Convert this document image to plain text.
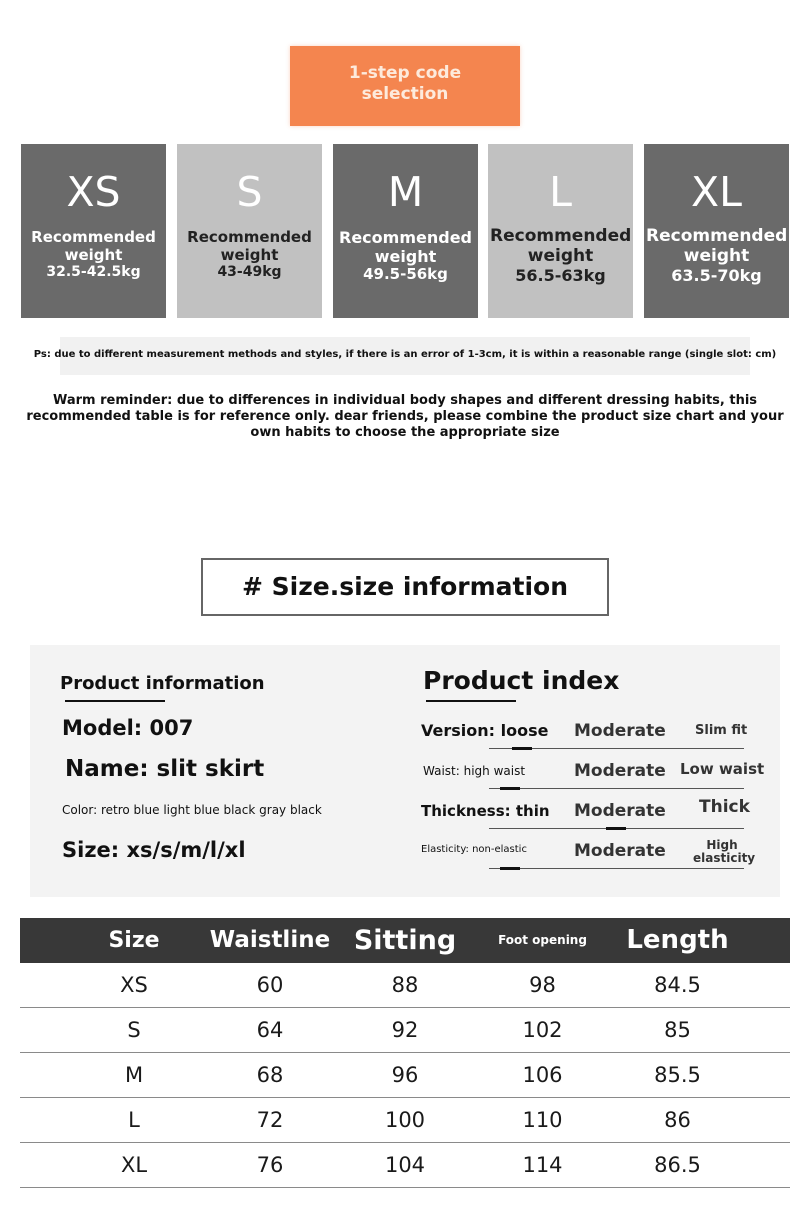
1-step code
selection
XS
Recommended
weight
32.5-42.5kg
S
Recommended
weight
43-49kg
M
Recommended
weight
49.5-56kg
L
Recommended
weight
56.5-63kg
XL
Recommended
weight
63.5-70kg
Ps: due to different measurement methods and styles, if there is an error of 1-3cm, it is within a reasonable range (single slot: cm)
Warm reminder: due to differences in individual body shapes and different dressing habits, this
recommended table is for reference only. dear friends, please combine the product size chart and your
own habits to choose the appropriate size
# Size.size information
Product information
Model: 007
Name: slit skirt
Color: retro blue light blue black gray black
Size: xs/s/m/l/xl
Product index
Version: loose Moderate Slim fit
Waist: high waist	Moderate Low waist
Thickness: thin Moderate Thick
Elasticity: non-elastic	Moderate	High
elasticity
Size	Waistline Sitting	Foot opening	Length
XS	60	88	98	84.5
S	64	92	102	85
M	68	96	106	85.5
L	72	100	110	86
XL	76	104	114	86.5
